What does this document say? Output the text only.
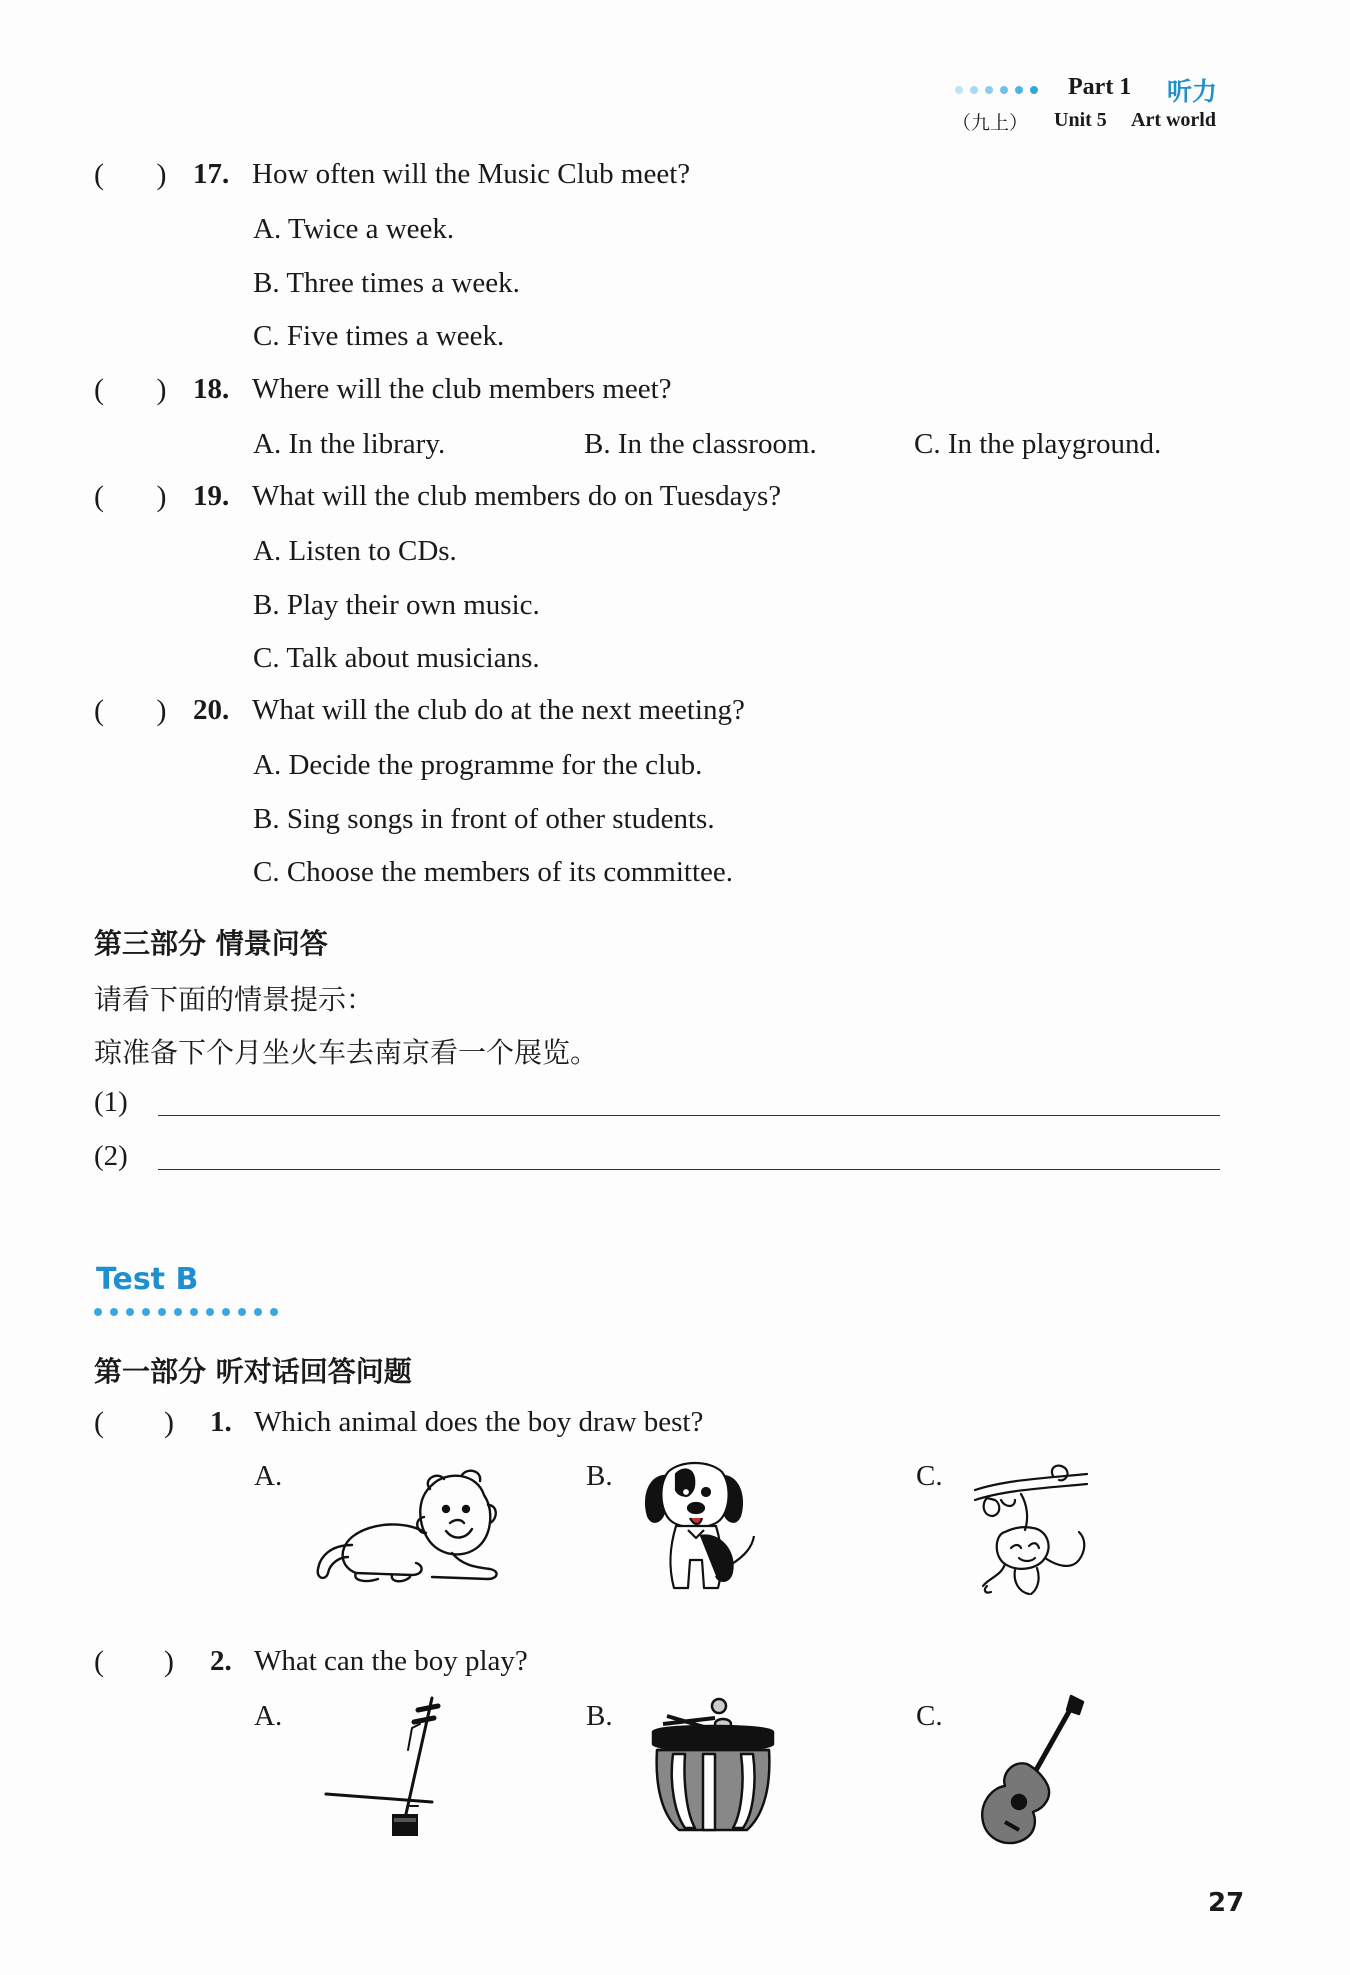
Part 1 听力
（九上） Unit 5 Art world
(       ) 17. How often will the Music Club meet?
A. Twice a week.
B. Three times a week.
C. Five times a week.
(       ) 18. Where will the club members meet?
A. In the library.	B. In the classroom.	C. In the playground.
(       ) 19. What will the club members do on Tuesdays?
A. Listen to CDs.
B. Play their own music.
C. Talk about musicians.
(       ) 20. What will the club do at the next meeting?
A. Decide the programme for the club.
B. Sing songs in front of other students.
C. Choose the members of its committee.
第三部分 情景问答
请看下面的情景提示：
琼准备下个月坐火车去南京看一个展览。
(1)
(2)
Test B
第一部分 听对话回答问题
(        ) 1. Which animal does the boy draw best?
A.	B.	C.
(        ) 2. What can the boy play?
A.	B.	C.
27
